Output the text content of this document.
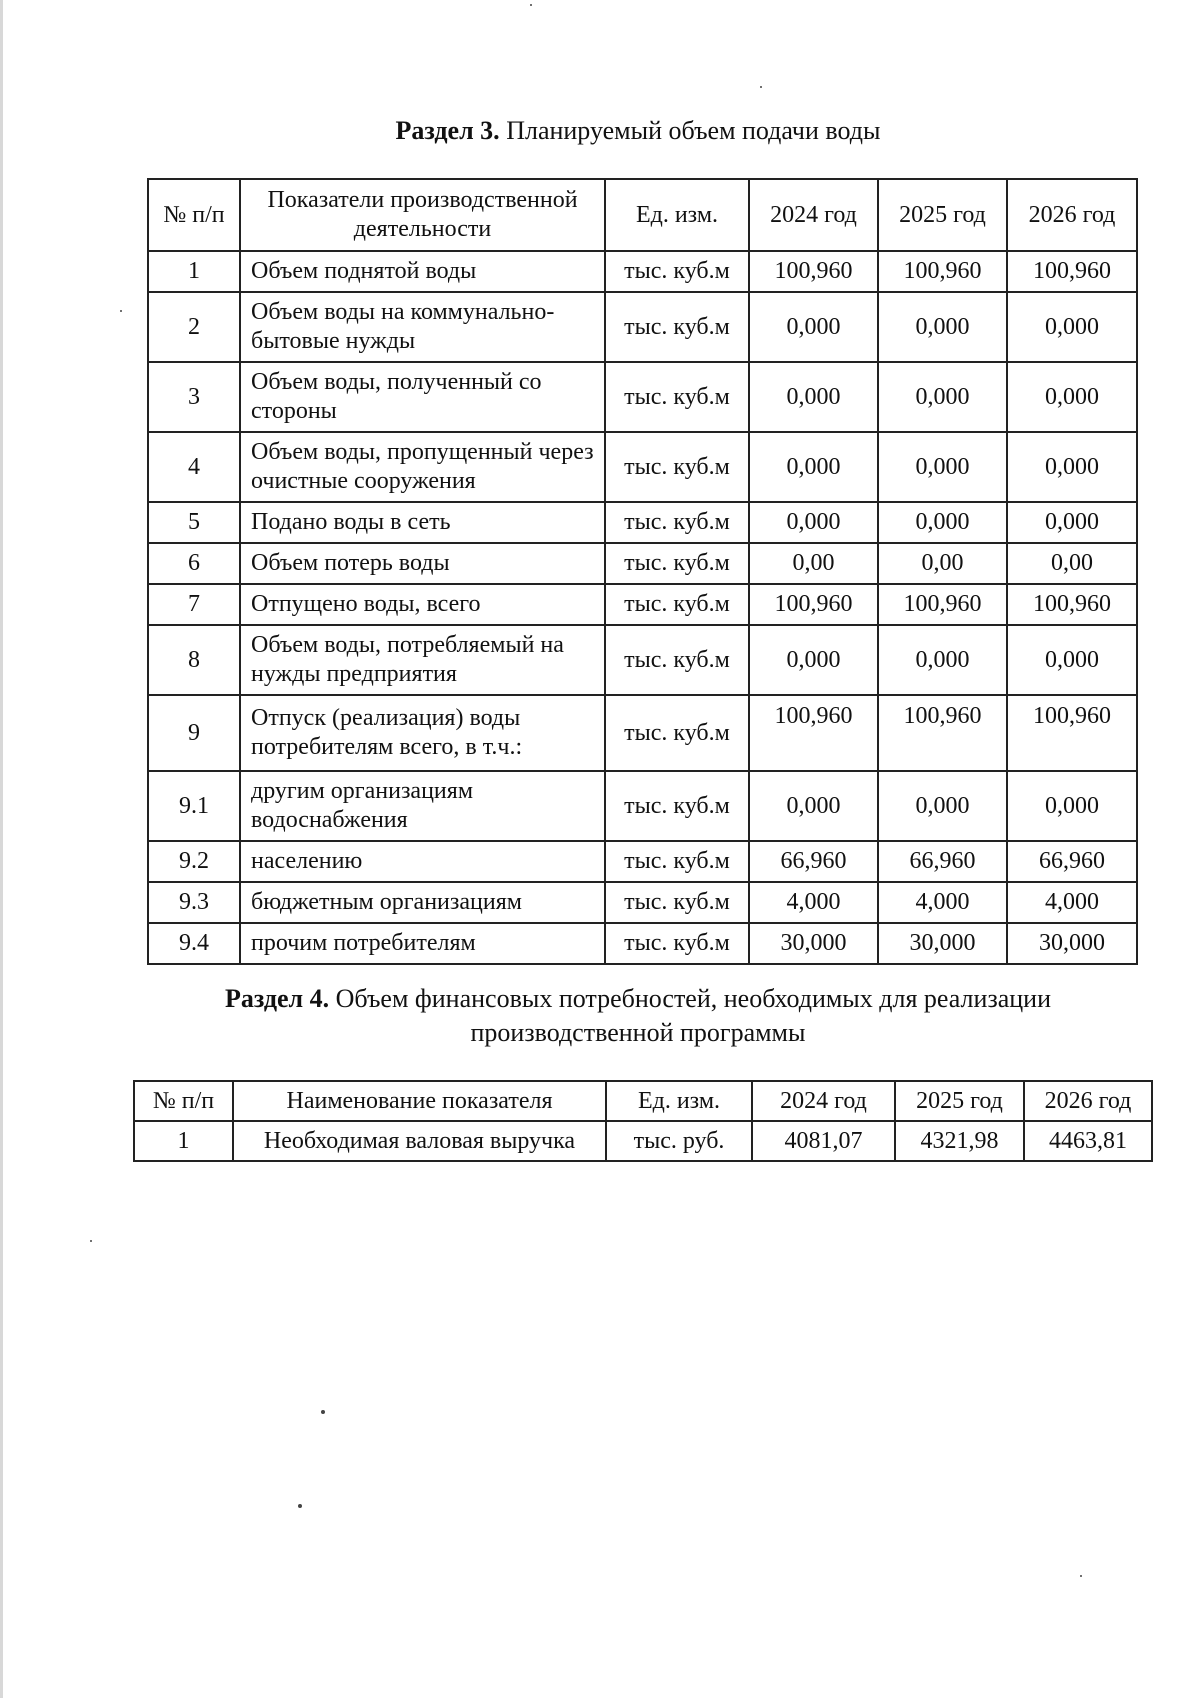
Раздел 3. Планируемый объем подачи воды
№ п/п	Показатели производственной деятельности	Ед. изм.	2024 год	2025 год	2026 год
1	Объем поднятой воды	тыс. куб.м	100,960	100,960	100,960
2	Объем воды на коммунально-бытовые нужды	тыс. куб.м	0,000	0,000	0,000
3	Объем воды, полученный со стороны	тыс. куб.м	0,000	0,000	0,000
4	Объем воды, пропущенный через очистные сооружения	тыс. куб.м	0,000	0,000	0,000
5	Подано воды в сеть	тыс. куб.м	0,000	0,000	0,000
6	Объем потерь воды	тыс. куб.м	0,00	0,00	0,00
7	Отпущено воды, всего	тыс. куб.м	100,960	100,960	100,960
8	Объем воды, потребляемый на нужды предприятия	тыс. куб.м	0,000	0,000	0,000
9	Отпуск (реализация) воды потребителям всего, в т.ч.:	тыс. куб.м	100,960	100,960	100,960
9.1	другим организациям водоснабжения	тыс. куб.м	0,000	0,000	0,000
9.2	населению	тыс. куб.м	66,960	66,960	66,960
9.3	бюджетным организациям	тыс. куб.м	4,000	4,000	4,000
9.4	прочим потребителям	тыс. куб.м	30,000	30,000	30,000
Раздел 4. Объем финансовых потребностей, необходимых для реализации
производственной программы
№ п/п	Наименование показателя	Ед. изм.	2024 год	2025 год	2026 год
1	Необходимая валовая выручка	тыс. руб.	4081,07	4321,98	4463,81
